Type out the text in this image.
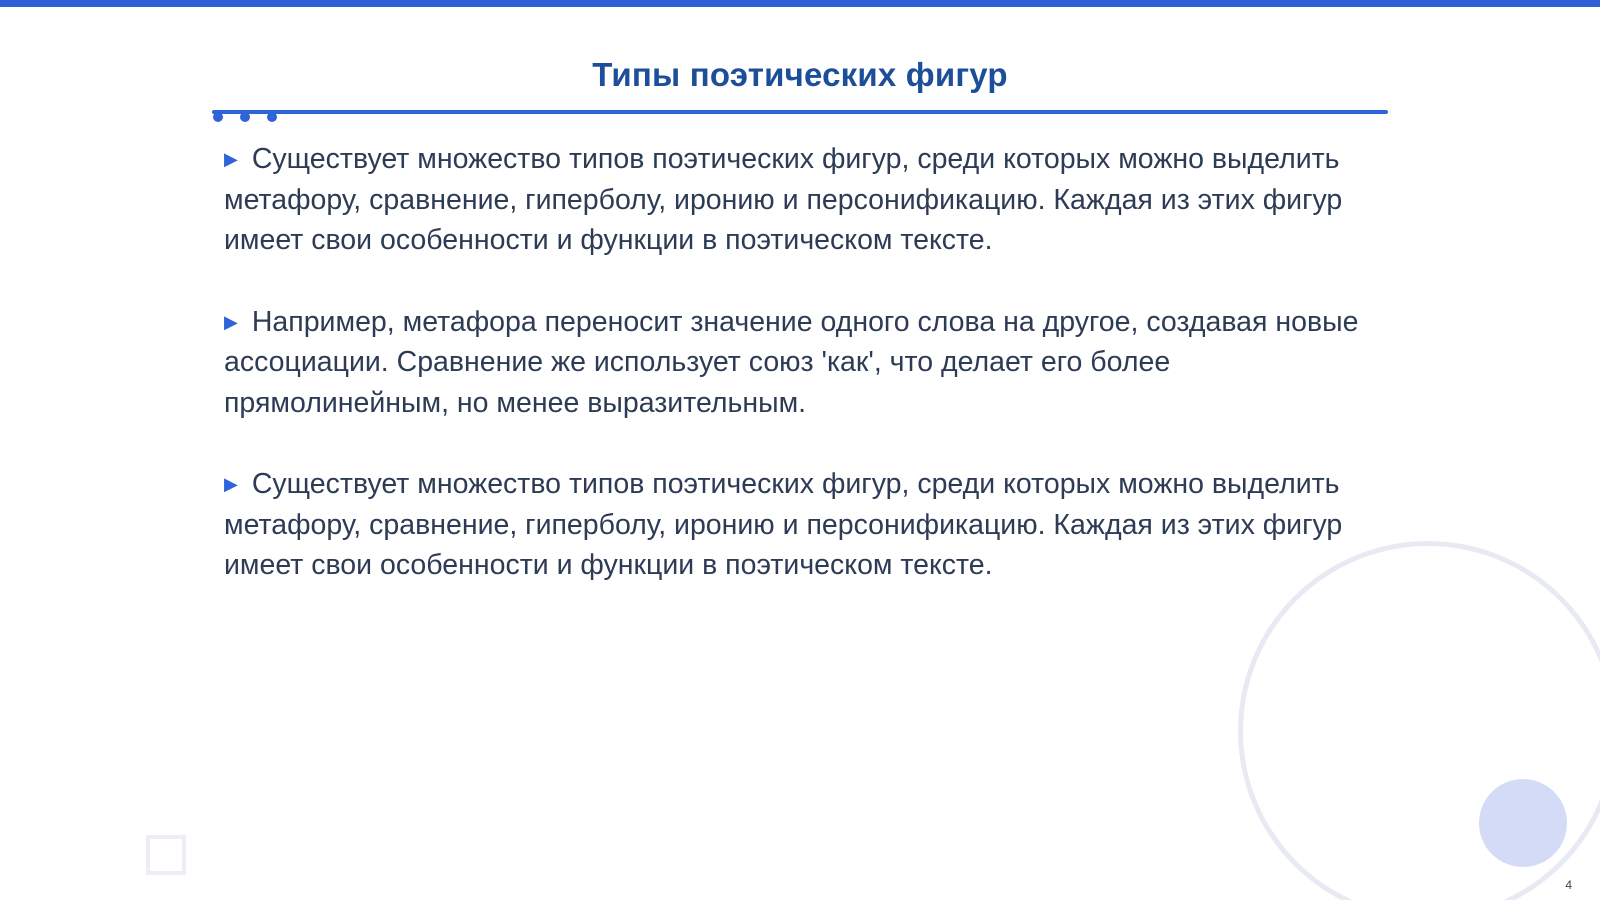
Типы поэтических фигур

▶ Существует множество типов поэтических фигур, среди которых можно выделить метафору, сравнение, гиперболу, иронию и персонификацию. Каждая из этих фигур имеет свои особенности и функции в поэтическом тексте.

▶ Например, метафора переносит значение одного слова на другое, создавая новые ассоциации. Сравнение же использует союз 'как', что делает его более прямолинейным, но менее выразительным.

▶ Существует множество типов поэтических фигур, среди которых можно выделить метафору, сравнение, гиперболу, иронию и персонификацию. Каждая из этих фигур имеет свои особенности и функции в поэтическом тексте.

4
